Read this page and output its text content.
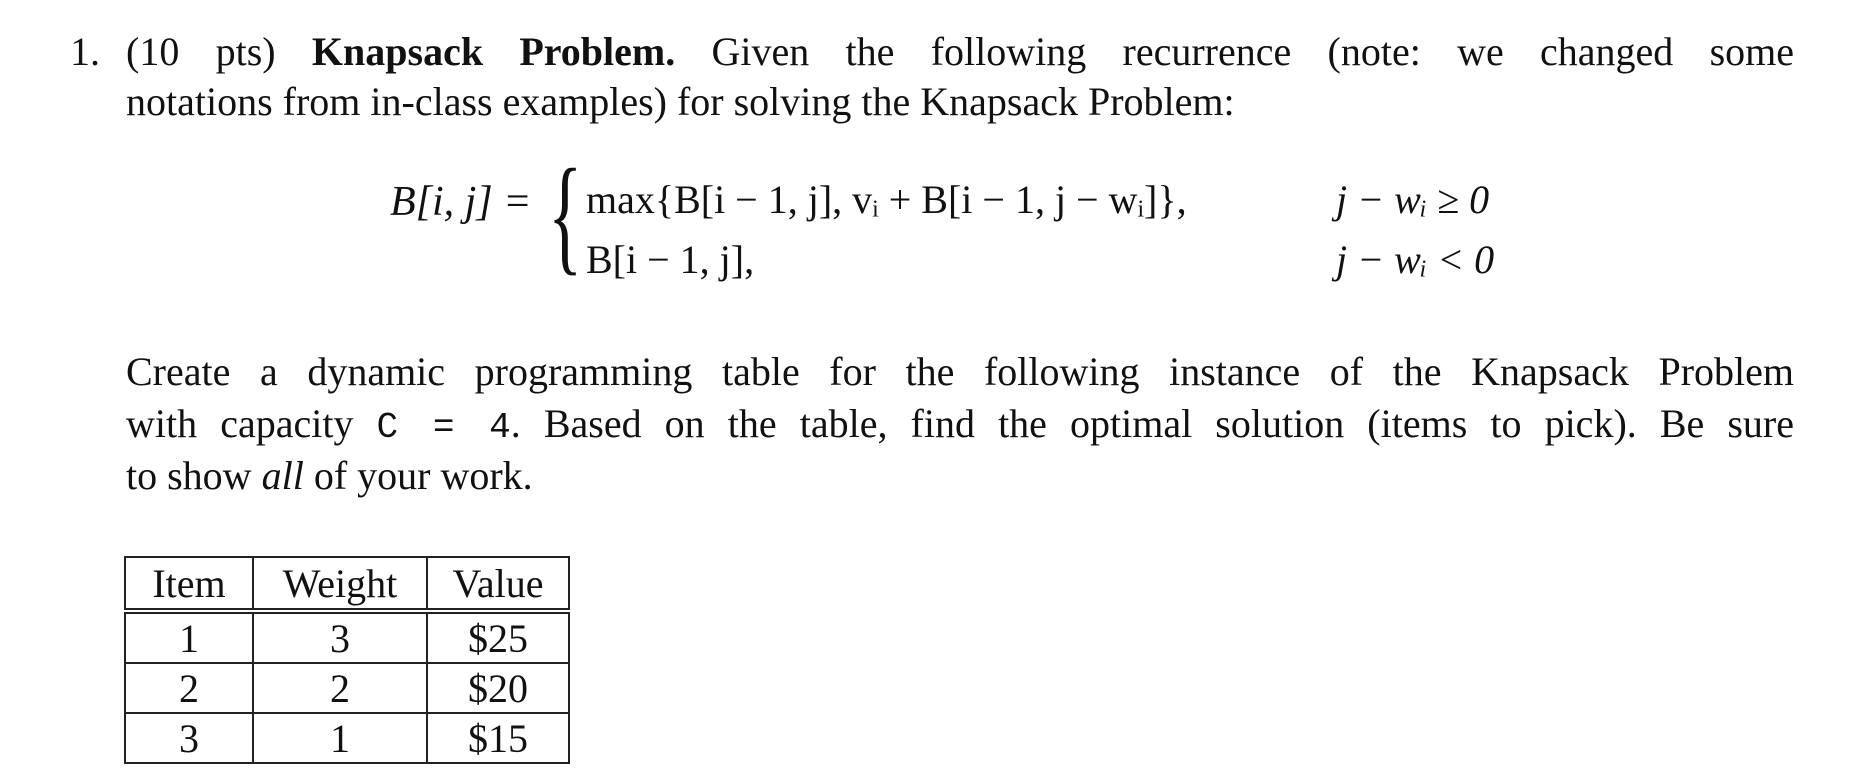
1. (10 pts) Knapsack Problem. Given the following recurrence (note: we changed some
notations from in-class examples) for solving the Knapsack Problem:
B[i, j] = { max{B[i − 1, j], vᵢ + B[i − 1, j − wᵢ]},	j − wᵢ ≥ 0
B[i − 1, j],	j − wᵢ < 0
Create a dynamic programming table for the following instance of the Knapsack Problem
with capacity C = 4. Based on the table, find the optimal solution (items to pick). Be sure
to show all of your work.
Item	Weight	Value
1	3	$25
2	2	$20
3	1	$15
